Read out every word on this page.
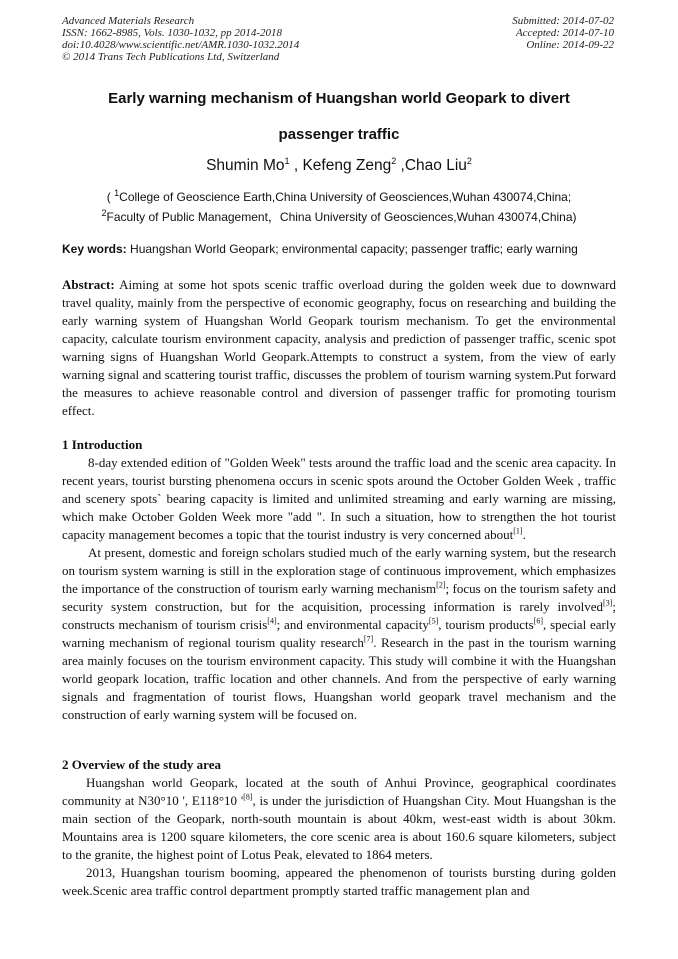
Advanced Materials Research
ISSN: 1662-8985, Vols. 1030-1032, pp 2014-2018
doi:10.4028/www.scientific.net/AMR.1030-1032.2014
© 2014 Trans Tech Publications Ltd, Switzerland
Submitted: 2014-07-02
Accepted: 2014-07-10
Online: 2014-09-22
Early warning mechanism of Huangshan world Geopark to divert
passenger traffic
Shumin Mo$^1$ , Kefeng Zeng$^2$ ,Chao Liu$^2$
( $^1$College of Geoscience Earth,China University of Geosciences,Wuhan 430074,China;
$^2$Faculty of Public Management，China University of Geosciences,Wuhan 430074,China)
Key words: Huangshan World Geopark; environmental capacity; passenger traffic; early warning

Abstract: Aiming at some hot spots scenic traffic overload during the golden week due to downward travel quality, mainly from the perspective of economic geography, focus on researching and building the early warning system of Huangshan World Geopark tourism mechanism. To get the environmental capacity, calculate tourism environment capacity, analysis and prediction of passenger traffic, scenic spot warning signs of Huangshan World Geopark.Attempts to construct a system, from the view of early warning signal and scattering tourist traffic, discusses the problem of tourism warning system.Put forward the measures to achieve reasonable control and diversion of passenger traffic for promoting tourism effect.

1 Introduction

8-day extended edition of "Golden Week" tests around the traffic load and the scenic area capacity. In recent years, tourist bursting phenomena occurs in scenic spots around the October Golden Week , traffic and scenery spots` bearing capacity is limited and unlimited streaming and early warning are missing, which make October Golden Week more "add ". In such a situation, how to strengthen the hot tourist capacity management becomes a topic that the tourist industry is very concerned about[1].

At present, domestic and foreign scholars studied much of the early warning system, but the research on tourism system warning is still in the exploration stage of continuous improvement, which emphasizes the importance of the construction of tourism early warning mechanism[2]; focus on the tourism safety and security system construction, but for the acquisition, processing information is rarely involved[3]; constructs mechanism of tourism crisis[4]; and environmental capacity[5], tourism products[6], special early warning mechanism of regional tourism quality research[7]. Research in the past in the tourism warning area mainly focuses on the tourism environment capacity. This study will combine it with the Huangshan world geopark location, traffic location and other channels. And from the perspective of early warning signals and fragmentation of tourist flows, Huangshan world geopark travel mechanism and the construction of early warning system will be focused on.

2 Overview of the study area

Huangshan world Geopark, located at the south of Anhui Province, geographical coordinates community at N30°10 ', E118°10 '[8], is under the jurisdiction of Huangshan City. Mout Huangshan is the main section of the Geopark, north-south mountain is about 40km, west-east width is about 30km. Mountains area is 1200 square kilometers, the core scenic area is about 160.6 square kilometers, subject to the granite, the highest point of Lotus Peak, elevated to 1864 meters.

2013, Huangshan tourism booming, appeared the phenomenon of tourists bursting during golden week.Scenic area traffic control department promptly started traffic management plan and
